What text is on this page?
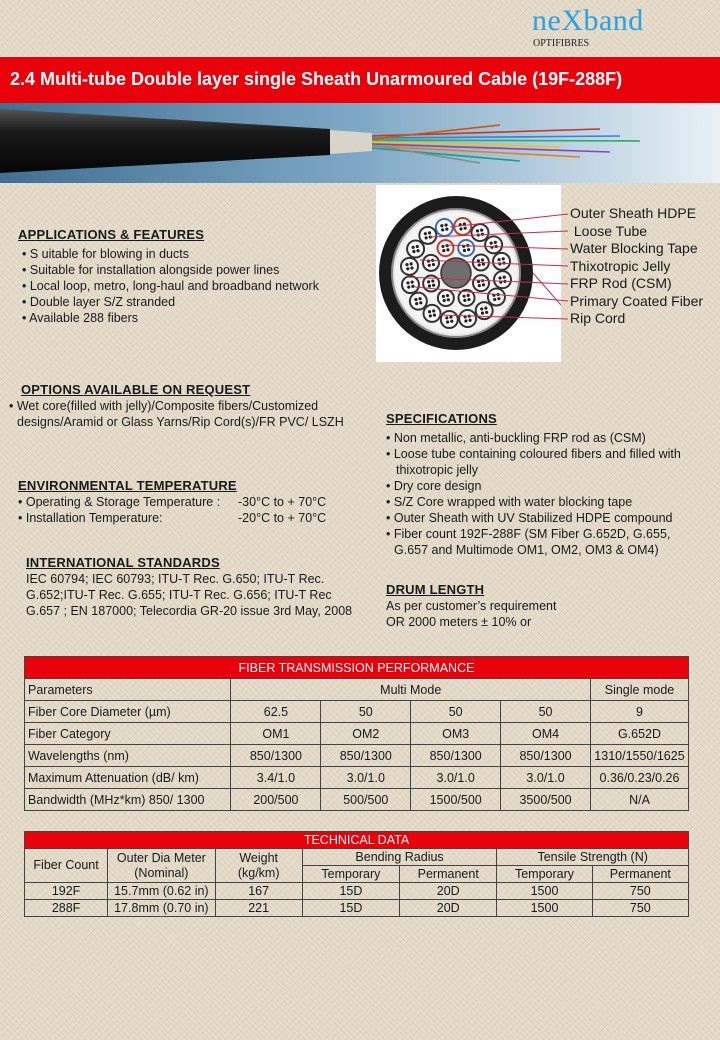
neXband
OPTIFIBRES
2.4 Multi-tube Double layer single Sheath Unarmoured Cable (19F-288F)
Outer Sheath HDPE
Loose Tube
Water Blocking Tape
Thixotropic Jelly
FRP Rod (CSM)
Primary Coated Fiber
Rip Cord
APPLICATIONS & FEATURES
• S uitable for blowing in ducts
• Suitable for installation alongside power lines
• Local loop, metro, long-haul and broadband network
• Double layer S/Z stranded
• Available 288 fibers
OPTIONS AVAILABLE ON REQUEST
• Wet core(filled with jelly)/Composite fibers/Customized
designs/Aramid or Glass Yarns/Rip Cord(s)/FR PVC/ LSZH
ENVIRONMENTAL TEMPERATURE
• Operating & Storage Temperature : -30°C to + 70°C
• Installation Temperature:	-20°C to + 70°C
INTERNATIONAL STANDARDS
IEC 60794; IEC 60793; ITU-T Rec. G.650; ITU-T Rec.
G.652;ITU-T Rec. G.655; ITU-T Rec. G.656; ITU-T Rec
G.657 ; EN 187000; Telecordia GR-20 issue 3rd May, 2008
SPECIFICATIONS
• Non metallic, anti-buckling FRP rod as (CSM)
• Loose tube containing coloured fibers and filled with
thixotropic jelly
• Dry core design
• S/Z Core wrapped with water blocking tape
• Outer Sheath with UV Stabilized HDPE compound
• Fiber count 192F-288F (SM Fiber G.652D, G.655,
G.657 and Multimode OM1, OM2, OM3 & OM4)
DRUM LENGTH
As per customer’s requirement
OR 2000 meters ± 10% or
FIBER TRANSMISSION PERFORMANCE					
Parameters	Multi Mode				Single mode
Fiber Core Diameter (µm)	62.5	50	50	50	9
Fiber Category	OM1	OM2	OM3	OM4	G.652D
Wavelengths (nm)	850/1300	850/1300	850/1300	850/1300	1310/1550/1625
Maximum Attenuation (dB/ km)	3.4/1.0	3.0/1.0	3.0/1.0	3.0/1.0	0.36/0.23/0.26
Bandwidth (MHz*km) 850/ 1300	200/500	500/500	1500/500	3500/500	N/A
TECHNICAL DATA						
Fiber Count	Outer Dia Meter (Nominal)	Weight (kg/km)	Bending Radius		Tensile Strength (N)	
			Temporary	Permanent	Temporary	Permanent
192F	15.7mm (0.62 in)	167	15D	20D	1500	750
288F	17.8mm (0.70 in)	221	15D	20D	1500	750
